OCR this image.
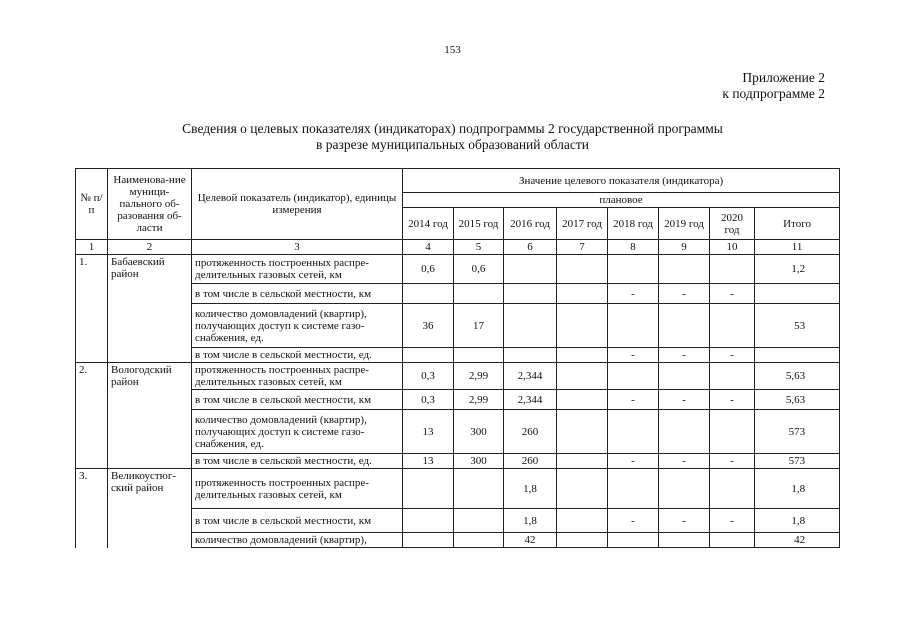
153
Приложение 2
к подпрограмме 2
Сведения о целевых показателях (индикаторах) подпрограммы 2 государственной программы
в разрезе муниципальных образований области
№ п/п	Наименова-ние муници-пального об-разования об-ласти	Целевой показатель (индикатор), единицы измерения	Значение целевого показателя (индикатора)							
			плановое							
			2014 год	2015 год	2016 год	2017 год	2018 год	2019 год	2020 год	Итого
1	2	3	4	5	6	7	8	9	10	11
1.	Бабаевский район	протяженность построенных распре-делительных газовых сетей, км	0,6	0,6						1,2
		в том числе в сельской местности, км					-	-	-	
		количество домовладений (квартир), получающих доступ к системе газо-снабжения, ед.	36	17						53
		в том числе в сельской местности, ед.					-	-	-	
2.	Вологодский район	протяженность построенных распре-делительных газовых сетей, км	0,3	2,99	2,344					5,63
		в том числе в сельской местности, км	0,3	2,99	2,344		-	-	-	5,63
		количество домовладений (квартир), получающих доступ к системе газо-снабжения, ед.	13	300	260					573
		в том числе в сельской местности, ед.	13	300	260		-	-	-	573
3.	Великоустюг-ский район	протяженность построенных распре-делительных газовых сетей, км			1,8					1,8
		в том числе в сельской местности, км			1,8		-	-	-	1,8
		количество домовладений (квартир),			42					42
